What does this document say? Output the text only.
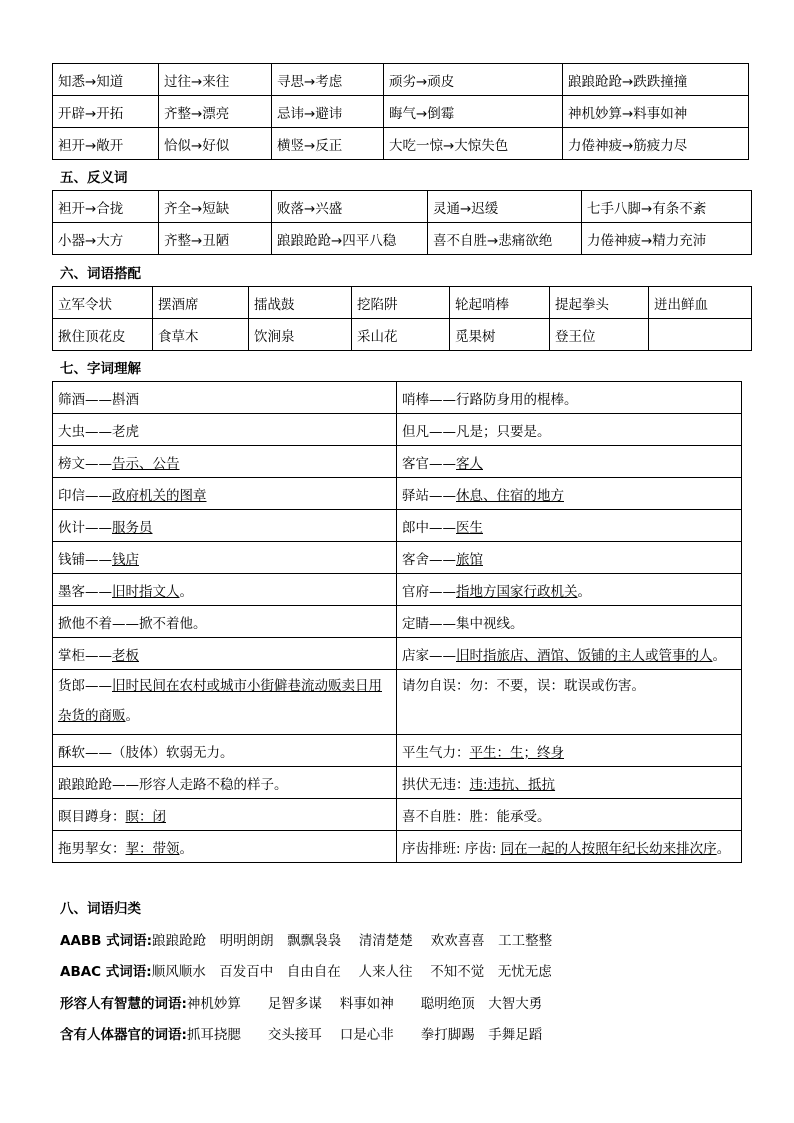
知悉→知道	过往→来往	寻思→考虑	顽劣→顽皮	踉踉跄跄→跌跌撞撞
开辟→开拓	齐整→漂亮	忌讳→避讳	晦气→倒霉	神机妙算→料事如神
袒开→敞开	恰似→好似	横竖→反正	大吃一惊→大惊失色	力倦神疲→筋疲力尽
五、反义词
袒开→合拢	齐全→短缺	败落→兴盛	灵通→迟缓	七手八脚→有条不紊
小器→大方	齐整→丑陋	踉踉跄跄→四平八稳	喜不自胜→悲痛欲绝	力倦神疲→精力充沛
六、词语搭配
立军令状	摆酒席	擂战鼓	挖陷阱	轮起哨棒	提起拳头	迸出鲜血
揪住顶花皮	食草木	饮涧泉	采山花	觅果树	登王位	
七、字词理解
筛酒——斟酒	哨棒——行路防身用的棍棒。
大虫——老虎	但凡——凡是；只要是。
榜文——告示、公告	客官——客人
印信——政府机关的图章	驿站——休息、住宿的地方
伙计——服务员	郎中——医生
钱铺——钱店	客舍——旅馆
墨客——旧时指文人。	官府——指地方国家行政机关。
掀他不着——掀不着他。	定睛——集中视线。
掌柜——老板	店家——旧时指旅店、酒馆、饭铺的主人或管事的人。
货郎——旧时民间在农村或城市小街僻巷流动贩卖日用杂货的商贩。	请勿自误：勿：不要，误：耽误或伤害。
酥软——（肢体）软弱无力。	平生气力：平生：生；终身
踉踉跄跄——形容人走路不稳的样子。	拱伏无违：违:违抗、抵抗
瞑目蹲身：瞑：闭	喜不自胜：胜：能承受。
拖男挈女：挈：带领。	序齿排班: 序齿: 同在一起的人按照年纪长幼来排次序。
八、词语归类
AABB 式词语:踉踉跄跄　明明朗朗　飘飘袅袅　 清清楚楚　 欢欢喜喜　工工整整
ABAC 式词语:顺风顺水　百发百中　自由自在　 人来人往　 不知不觉　无忧无虑
形容人有智慧的词语:神机妙算　　足智多谋　 料事如神　　聪明绝顶　大智大勇
含有人体器官的词语:抓耳挠腮　　交头接耳　 口是心非　　拳打脚踢　手舞足蹈
